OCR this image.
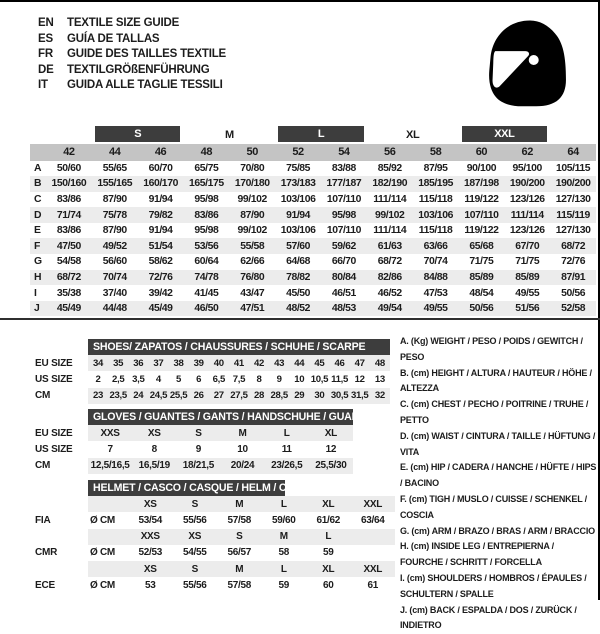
EN TEXTILE SIZE GUIDE
ES GUÍA DE TALLAS
FR GUIDE DES TAILLES TEXTILE
DE TEXTILGRÖßENFÜHRUNG
IT GUIDA ALLE TAGLIE TESSILI
		S		M		L		XL		XXL		
	42	44	46	48	50	52	54	56	58	60	62	64
A	50/60	55/65	60/70	65/75	70/80	75/85	83/88	85/92	87/95	90/100	95/100	105/115
B	150/160	155/165	160/170	165/175	170/180	173/183	177/187	182/190	185/195	187/198	190/200	190/200
C	83/86	87/90	91/94	95/98	99/102	103/106	107/110	111/114	115/118	119/122	123/126	127/130
D	71/74	75/78	79/82	83/86	87/90	91/94	95/98	99/102	103/106	107/110	111/114	115/119
E	83/86	87/90	91/94	95/98	99/102	103/106	107/110	111/114	115/118	119/122	123/126	127/130
F	47/50	49/52	51/54	53/56	55/58	57/60	59/62	61/63	63/66	65/68	67/70	68/72
G	54/58	56/60	58/62	60/64	62/66	64/68	66/70	68/72	70/74	71/75	71/75	72/76
H	68/72	70/74	72/76	74/78	76/80	78/82	80/84	82/86	84/88	85/89	85/89	87/91
I	35/38	37/40	39/42	41/45	43/47	45/50	46/51	46/52	47/53	48/54	49/55	50/56
J	45/49	44/48	45/49	46/50	47/51	48/52	48/53	49/54	49/55	50/56	51/56	52/58

	SHOES/ ZAPATOS / CHAUSSURES / SCHUHE / SCARPE														

EU SIZE	34	35	36	37	38	39	40	41	42	43	44	45	46	47	48
US SIZE	2	2,5	3,5	4	5	6	6,5	7,5	8	9	10	10,5	11,5	12	13
CM	23	23,5	24	24,5	25,5	26	27	27,5	28	28,5	29	30	30,5	31,5	32

	GLOVES / GUANTES / GANTS / HANDSCHUHE / GUANTI					

EU SIZE	XXS	XS	S	M	L	XL
US SIZE	7	8	9	10	11	12
CM	12,5/16,5	16,5/19	18/21,5	20/24	23/26,5	25,5/30

	HELMET / CASCO / CASQUE / HELM / CASCO						

		XS	S	M	L	XL	XXL
FIA	Ø CM	53/54	55/56	57/58	59/60	61/62	63/64
		XXS	XS	S	M	L	
CMR	Ø CM	52/53	54/55	56/57	58	59	
		XS	S	M	L	XL	XXL
ECE	Ø CM	53	55/56	57/58	59	60	61
A. (Kg) WEIGHT / PESO / POIDS / GEWITCH / PESO
B. (cm) HEIGHT / ALTURA / HAUTEUR / HÖHE / ALTEZZA
C. (cm) CHEST / PECHO / POITRINE / TRUHE / PETTO
D. (cm) WAIST / CINTURA / TAILLE / HÜFTUNG / VITA
E. (cm) HIP / CADERA / HANCHE / HÜFTE / HIPS / BACINO
F. (cm) TIGH / MUSLO / CUISSE / SCHENKEL / COSCIA
G. (cm) ARM / BRAZO / BRAS / ARM / BRACCIO
H. (cm) INSIDE LEG / ENTREPIERNA / FOURCHE / SCHRITT / FORCELLA
I. (cm) SHOULDERS / HOMBROS / ÉPAULES / SCHULTERN / SPALLE
J. (cm) BACK / ESPALDA / DOS / ZURÜCK / INDIETRO
